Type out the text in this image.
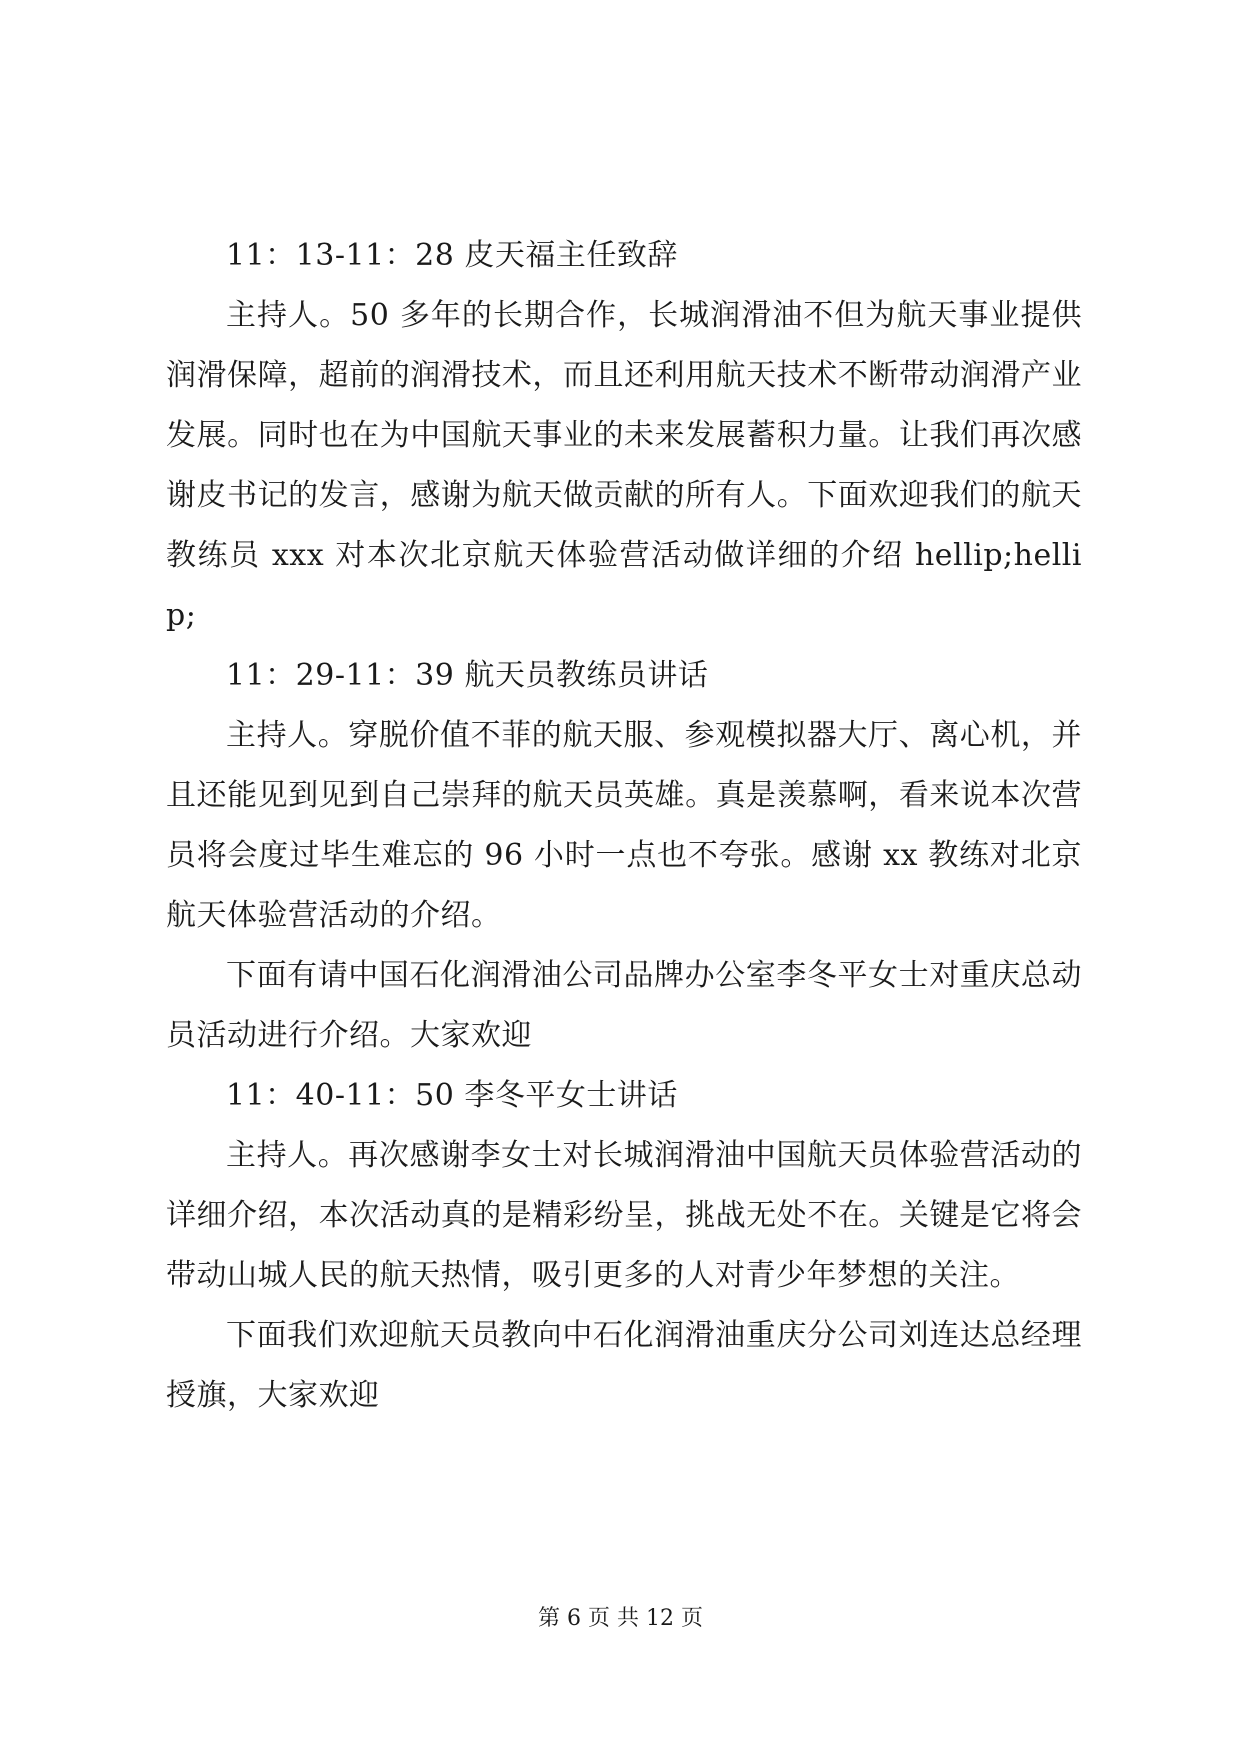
11：13-11：28 皮天福主任致辞

主持人。50 多年的长期合作，长城润滑油不但为航天事业提供润滑保障，超前的润滑技术，而且还利用航天技术不断带动润滑产业发展。同时也在为中国航天事业的未来发展蓄积力量。让我们再次感谢皮书记的发言，感谢为航天做贡献的所有人。下面欢迎我们的航天教练员 xxx 对本次北京航天体验营活动做详细的介绍 hellip;hellip;

11：29-11：39 航天员教练员讲话

主持人。穿脱价值不菲的航天服、参观模拟器大厅、离心机，并且还能见到见到自己崇拜的航天员英雄。真是羡慕啊，看来说本次营员将会度过毕生难忘的 96 小时一点也不夸张。感谢 xx 教练对北京航天体验营活动的介绍。

下面有请中国石化润滑油公司品牌办公室李冬平女士对重庆总动员活动进行介绍。大家欢迎

11：40-11：50 李冬平女士讲话

主持人。再次感谢李女士对长城润滑油中国航天员体验营活动的详细介绍，本次活动真的是精彩纷呈，挑战无处不在。关键是它将会带动山城人民的航天热情，吸引更多的人对青少年梦想的关注。

下面我们欢迎航天员教向中石化润滑油重庆分公司刘连达总经理授旗，大家欢迎

第 6 页 共 12 页
